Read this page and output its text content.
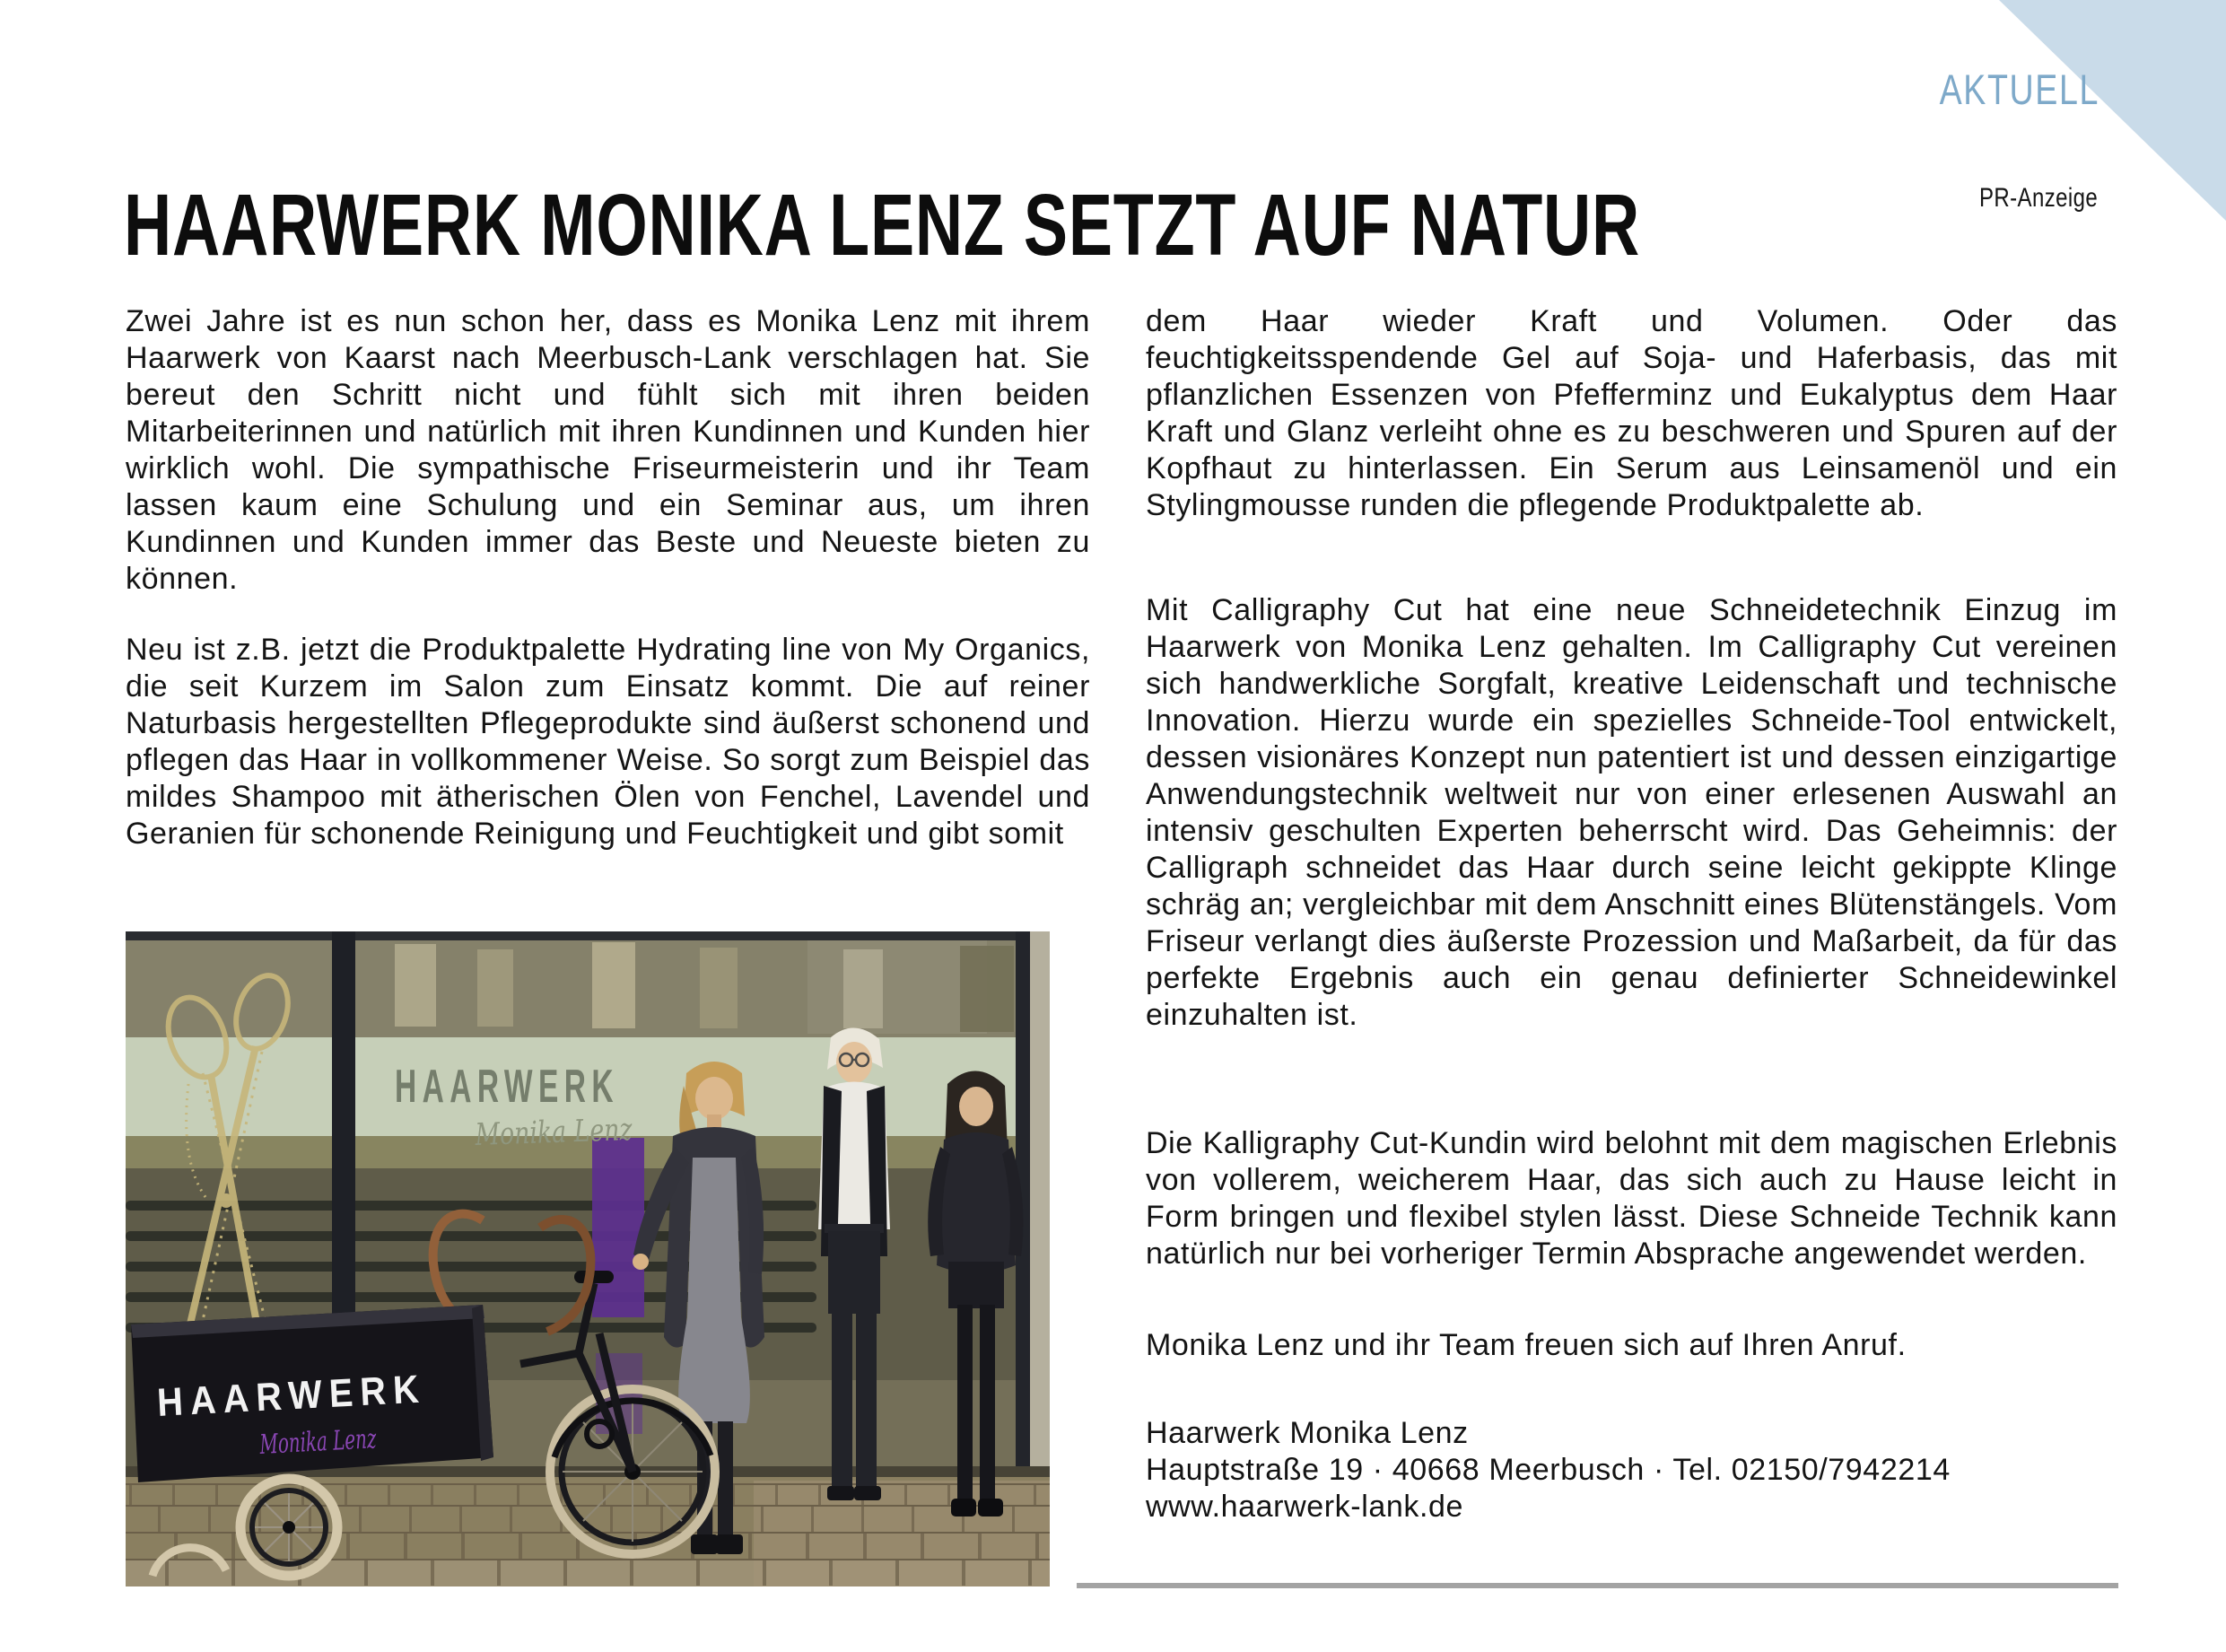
AKTUELL
PR-Anzeige
HAARWERK MONIKA LENZ SETZT AUF NATUR

Zwei Jahre ist es nun schon her, dass es Monika Lenz mit ihrem Haarwerk von Kaarst nach Meerbusch-Lank verschlagen hat. Sie bereut den Schritt nicht und fühlt sich mit ihren beiden Mitarbeiterinnen und natürlich mit ihren Kundinnen und Kunden hier wirklich wohl. Die sympathische Friseurmeisterin und ihr Team lassen kaum eine Schulung und ein Seminar aus, um ihren Kundinnen und Kunden immer das Beste und Neueste bieten zu können.

Neu ist z.B. jetzt die Produktpalette Hydrating line von My Organics, die seit Kurzem im Salon zum Einsatz kommt. Die auf reiner Naturbasis hergestellten Pflegeprodukte sind äußerst schonend und pflegen das Haar in vollkommener Weise. So sorgt zum Beispiel das mildes Shampoo mit ätherischen Ölen von Fenchel, Lavendel und Geranien für schonende Reinigung und Feuchtigkeit und gibt somit

dem Haar wieder Kraft und Volumen. Oder das feuchtigkeitsspendende Gel auf Soja- und Haferbasis, das mit pflanzlichen Essenzen von Pfefferminz und Eukalyptus dem Haar Kraft und Glanz verleiht ohne es zu beschweren und Spuren auf der Kopfhaut zu hinterlassen. Ein Serum aus Leinsamenöl und ein Stylingmousse runden die pflegende Produktpalette ab.

Mit Calligraphy Cut hat eine neue Schneidetechnik Einzug im Haarwerk von Monika Lenz gehalten. Im Calligraphy Cut vereinen sich handwerkliche Sorgfalt, kreative Leidenschaft und technische Innovation. Hierzu wurde ein spezielles Schneide-Tool entwickelt, dessen visionäres Konzept nun patentiert ist und dessen einzigartige Anwendungstechnik weltweit nur von einer erlesenen Auswahl an intensiv geschulten Experten beherrscht wird. Das Geheimnis: der Calligraph schneidet das Haar durch seine leicht gekippte Klinge schräg an; vergleichbar mit dem Anschnitt eines Blütenstängels. Vom Friseur verlangt dies äußerste Prozession und Maßarbeit, da für das perfekte Ergebnis auch ein genau definierter Schneidewinkel einzuhalten ist.

Die Kalligraphy Cut-Kundin wird belohnt mit dem magischen Erlebnis von vollerem, weicherem Haar, das sich auch zu Hause leicht in Form bringen und flexibel stylen lässt. Diese Schneide Technik kann natürlich nur bei vorheriger Termin Absprache angewendet werden.

Monika Lenz und ihr Team freuen sich auf Ihren Anruf.

Haarwerk Monika Lenz
Hauptstraße 19 · 40668 Meerbusch · Tel. 02150/7942214
www.haarwerk-lank.de
HAARWERK
Monika Lenz
HAARWERK
Monika Lenz
